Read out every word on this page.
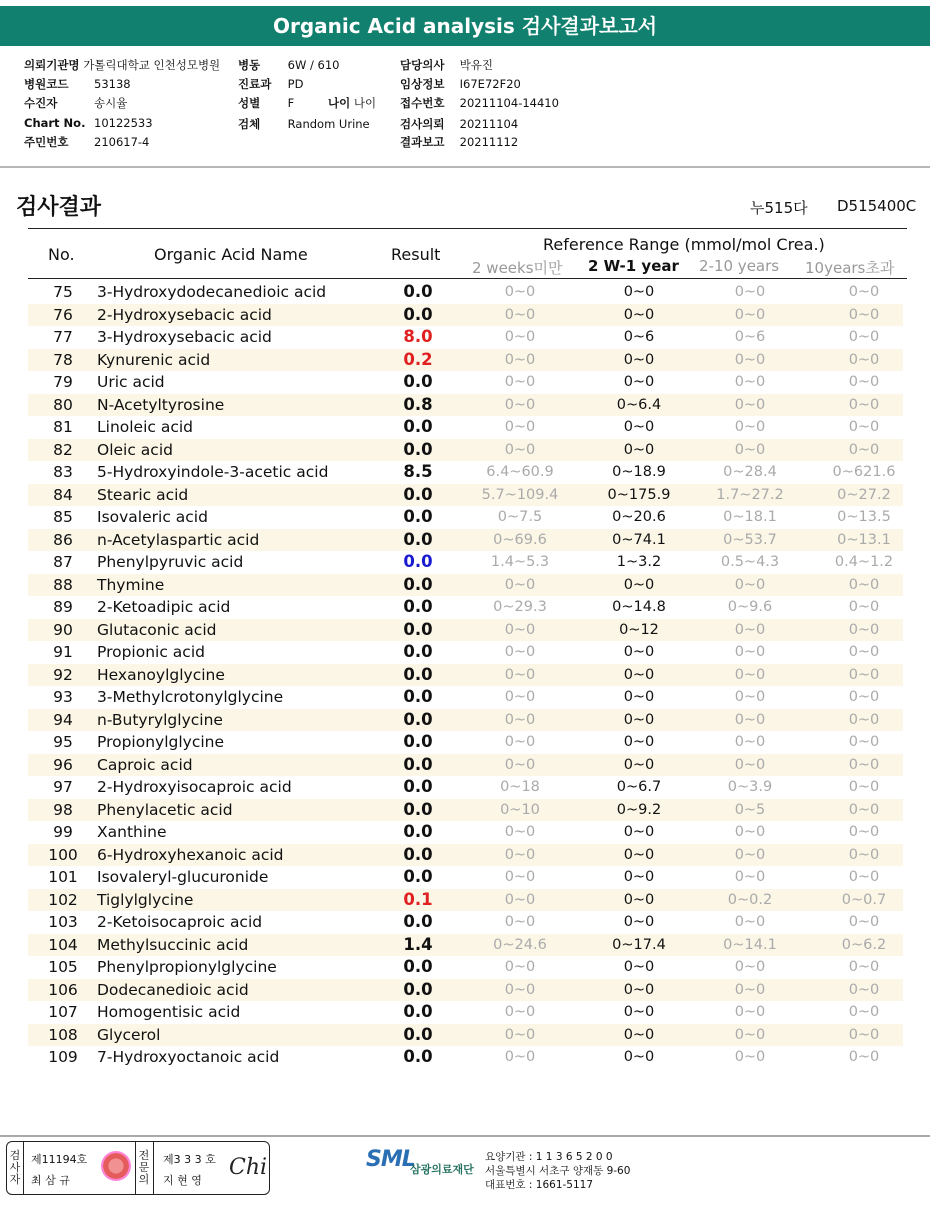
Organic Acid analysis 검사결과보고서
의뢰기관명 가톨릭대학교 인천성모병원 병동 6W / 610	담당의사 박유진
병원코드 53138	진료과 PD	임상정보 I67E72F20
수진자	송시율	성별 F	나이 나이 접수번호 20211104-14410
Chart No. 10122533	검체 Random Urine	검사의뢰 20211104
주민번호 210617-4	결과보고 20211112
검사결과	누515다 D515400C
No.	Organic Acid Name	Result
Reference Range (mmol/mol Crea.)
2 weeks미만 2 W-1 year 2-10 years 10years초과
75	3-Hydroxydodecanedioic acid	0.0	0~0	0~0	0~0	0~0
76	2-Hydroxysebacic acid	0.0	0~0	0~0	0~0	0~0
77	3-Hydroxysebacic acid	8.0	0~0	0~6	0~6	0~0
78	Kynurenic acid	0.2	0~0	0~0	0~0	0~0
79	Uric acid	0.0	0~0	0~0	0~0	0~0
80	N-Acetyltyrosine	0.8	0~0	0~6.4	0~0	0~0
81	Linoleic acid	0.0	0~0	0~0	0~0	0~0
82	Oleic acid	0.0	0~0	0~0	0~0	0~0
83	5-Hydroxyindole-3-acetic acid	8.5	6.4~60.9	0~18.9	0~28.4	0~621.6
84	Stearic acid	0.0	5.7~109.4	0~175.9	1.7~27.2	0~27.2
85	Isovaleric acid	0.0	0~7.5	0~20.6	0~18.1	0~13.5
86	n-Acetylaspartic acid	0.0	0~69.6	0~74.1	0~53.7	0~13.1
87	Phenylpyruvic acid	0.0	1.4~5.3	1~3.2	0.5~4.3	0.4~1.2
88	Thymine	0.0	0~0	0~0	0~0	0~0
89	2-Ketoadipic acid	0.0	0~29.3	0~14.8	0~9.6	0~0
90	Glutaconic acid	0.0	0~0	0~12	0~0	0~0
91	Propionic acid	0.0	0~0	0~0	0~0	0~0
92	Hexanoylglycine	0.0	0~0	0~0	0~0	0~0
93	3-Methylcrotonylglycine	0.0	0~0	0~0	0~0	0~0
94	n-Butyrylglycine	0.0	0~0	0~0	0~0	0~0
95	Propionylglycine	0.0	0~0	0~0	0~0	0~0
96	Caproic acid	0.0	0~0	0~0	0~0	0~0
97	2-Hydroxyisocaproic acid	0.0	0~18	0~6.7	0~3.9	0~0
98	Phenylacetic acid	0.0	0~10	0~9.2	0~5	0~0
99	Xanthine	0.0	0~0	0~0	0~0	0~0
100	6-Hydroxyhexanoic acid	0.0	0~0	0~0	0~0	0~0
101	Isovaleryl-glucuronide	0.0	0~0	0~0	0~0	0~0
102	Tiglylglycine	0.1	0~0	0~0	0~0.2	0~0.7
103	2-Ketoisocaproic acid	0.0	0~0	0~0	0~0	0~0
104	Methylsuccinic acid	1.4	0~24.6	0~17.4	0~14.1	0~6.2
105	Phenylpropionylglycine	0.0	0~0	0~0	0~0	0~0
106	Dodecanedioic acid	0.0	0~0	0~0	0~0	0~0
107	Homogentisic acid	0.0	0~0	0~0	0~0	0~0
108	Glycerol	0.0	0~0	0~0	0~0	0~0
109	7-Hydroxyoctanoic acid	0.0	0~0	0~0	0~0	0~0
검사자
제11194호
최 삼 규
전문의
제3 3 3 호
지 현 영
Chi	SML
삼광의료재단
요양기관 : 1 1 3 6 5 2 0 0
서울특별시 서초구 양재동 9-60
대표번호 : 1661-5117
